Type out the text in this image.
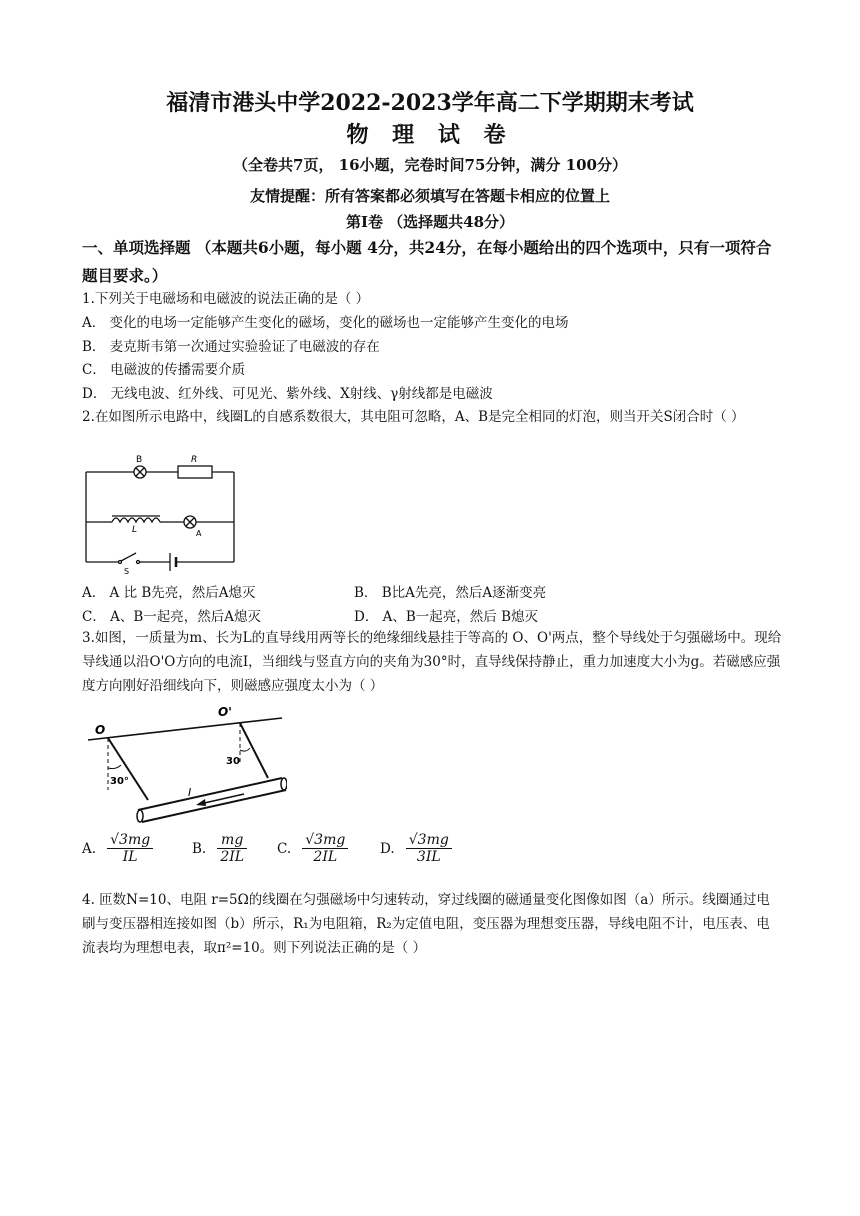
福清市港头中学2022-2023学年高二下学期期末考试
物 理 试 卷
（全卷共7页， 16小题，完卷时间75分钟，满分 100分）
友情提醒：所有答案都必须填写在答题卡相应的位置上
第Ⅰ卷 （选择题共48分）
一、单项选择题 （本题共6小题，每小题 4分，共24分，在每小题给出的四个选项中，只有一项符合题目要求。）
1.下列关于电磁场和电磁波的说法正确的是（ ）
A． 变化的电场一定能够产生变化的磁场，变化的磁场也一定能够产生变化的电场
B． 麦克斯韦第一次通过实验验证了电磁波的存在
C． 电磁波的传播需要介质
D． 无线电波、红外线、可见光、紫外线、X射线、γ射线都是电磁波
2.在如图所示电路中，线圈L的自感系数很大，其电阻可忽略，A、B是完全相同的灯泡，则当开关S闭合时（ ）
B	R
L	A
S
A． A 比 B先亮，然后A熄灭	B． B比A先亮，然后A逐渐变亮
C． A、B一起亮，然后A熄灭	D． A、B一起亮，然后 B熄灭
3.如图，一质量为m、长为L的直导线用两等长的绝缘细线悬挂于等高的 O、O'两点，整个导线处于匀强磁场中。现给导线通以沿O'O方向的电流I，当细线与竖直方向的夹角为30°时，直导线保持静止，重力加速度大小为g。若磁感应强度方向刚好沿细线向下，则磁感应强度太小为（ ）
O
O'
30°
30
I
A. $\frac{√3mg}{IL}$	B. $\frac{mg}{2IL} C$. $\frac{√3mg}{2IL} D$. $\frac{√3mg}{3IL}$
4. 匝数N=10、电阻 r=5Ω的线圈在匀强磁场中匀速转动，穿过线圈的磁通量变化图像如图（a）所示。线圈通过电刷与变压器相连接如图（b）所示，R₁为电阻箱，R₂为定值电阻，变压器为理想变压器，导线电阻不计，电压表、电流表均为理想电表，取π²=10。则下列说法正确的是（ ）
